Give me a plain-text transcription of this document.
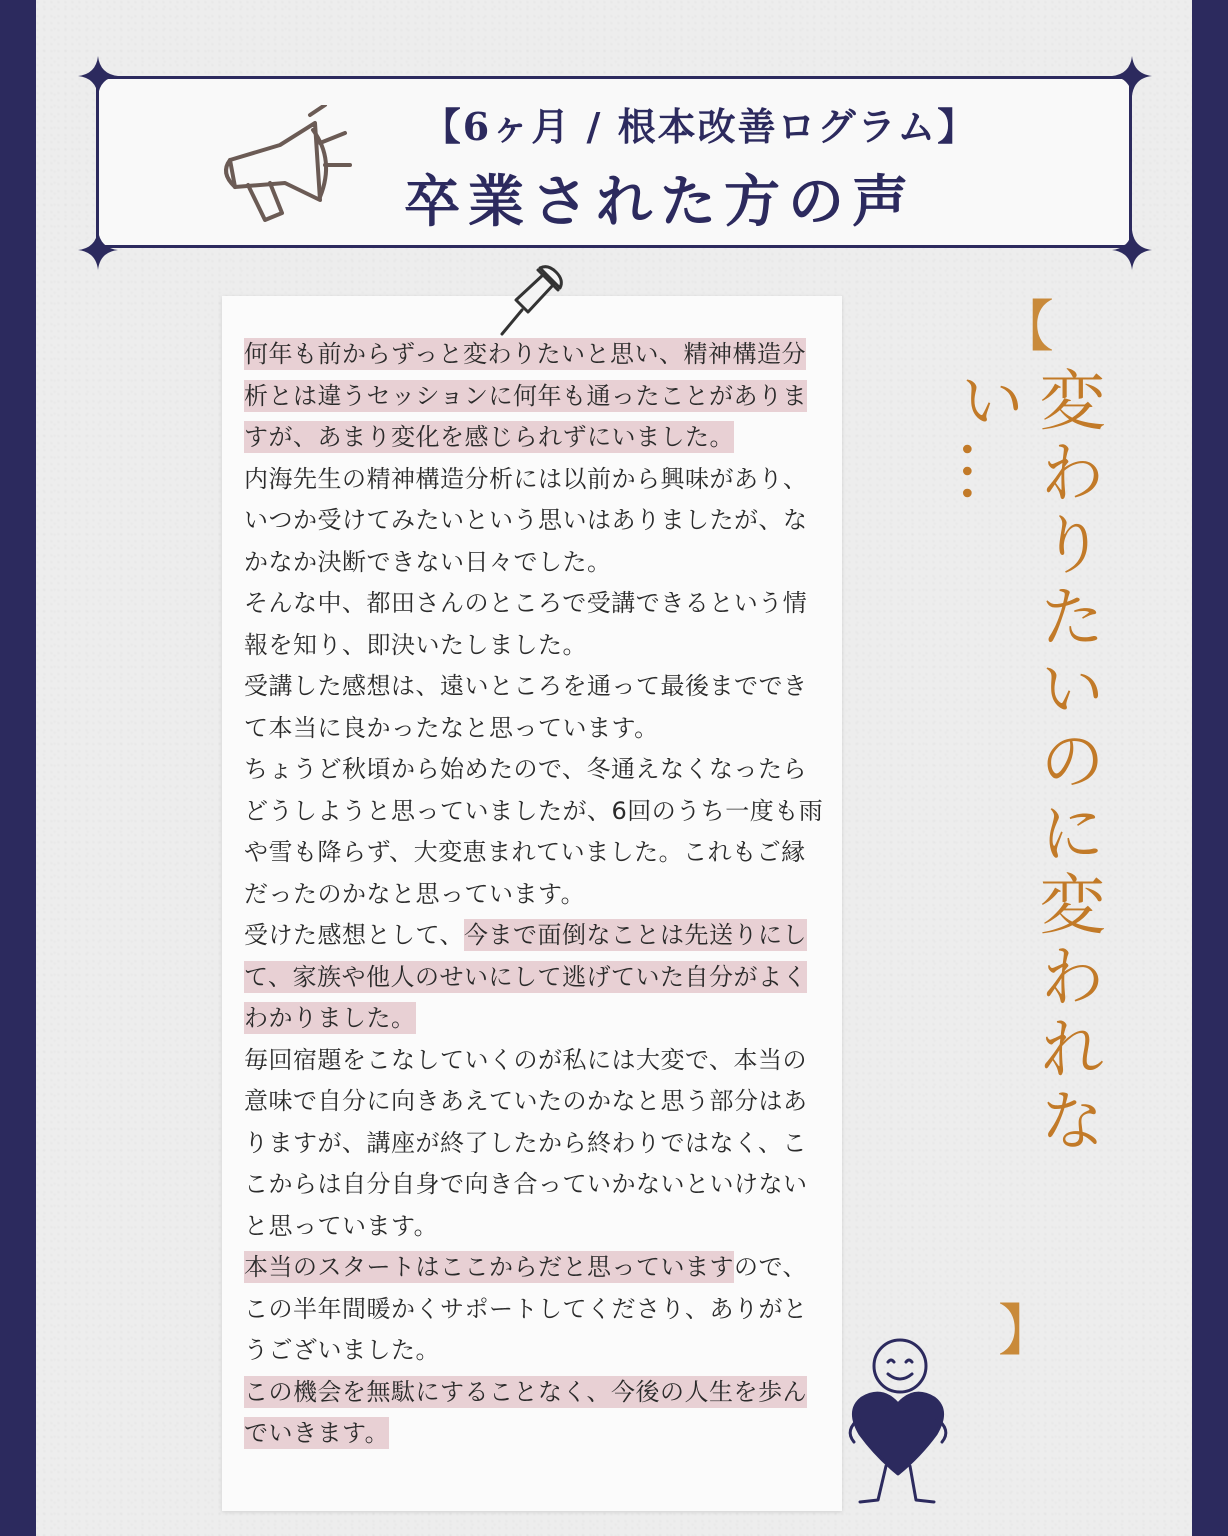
【6ヶ月 / 根本改善ログラム】
卒業された方の声

何年も前からずっと変わりたいと思い、精神構造分析とは違うセッションに何年も通ったことがありますが、あまり変化を感じられずにいました。

内海先生の精神構造分析には以前から興味があり、いつか受けてみたいという思いはありましたが、なかなか決断できない日々でした。

そんな中、都田さんのところで受講できるという情報を知り、即決いたしました。

受講した感想は、遠いところを通って最後までできて本当に良かったなと思っています。

ちょうど秋頃から始めたので、冬通えなくなったらどうしようと思っていましたが、6回のうち一度も雨や雪も降らず、大変恵まれていました。これもご縁だったのかなと思っています。

受けた感想として、今まで面倒なことは先送りにして、家族や他人のせいにして逃げていた自分がよくわかりました。

毎回宿題をこなしていくのが私には大変で、本当の意味で自分に向きあえていたのかなと思う部分はありますが、講座が終了したから終わりではなく、ここからは自分自身で向き合っていかないといけないと思っています。

本当のスタートはここからだと思っていますので、この半年間暖かくサポートしてくださり、ありがとうございました。

この機会を無駄にすることなく、今後の人生を歩んでいきます。

【
変わりたいのに変われない…
】
